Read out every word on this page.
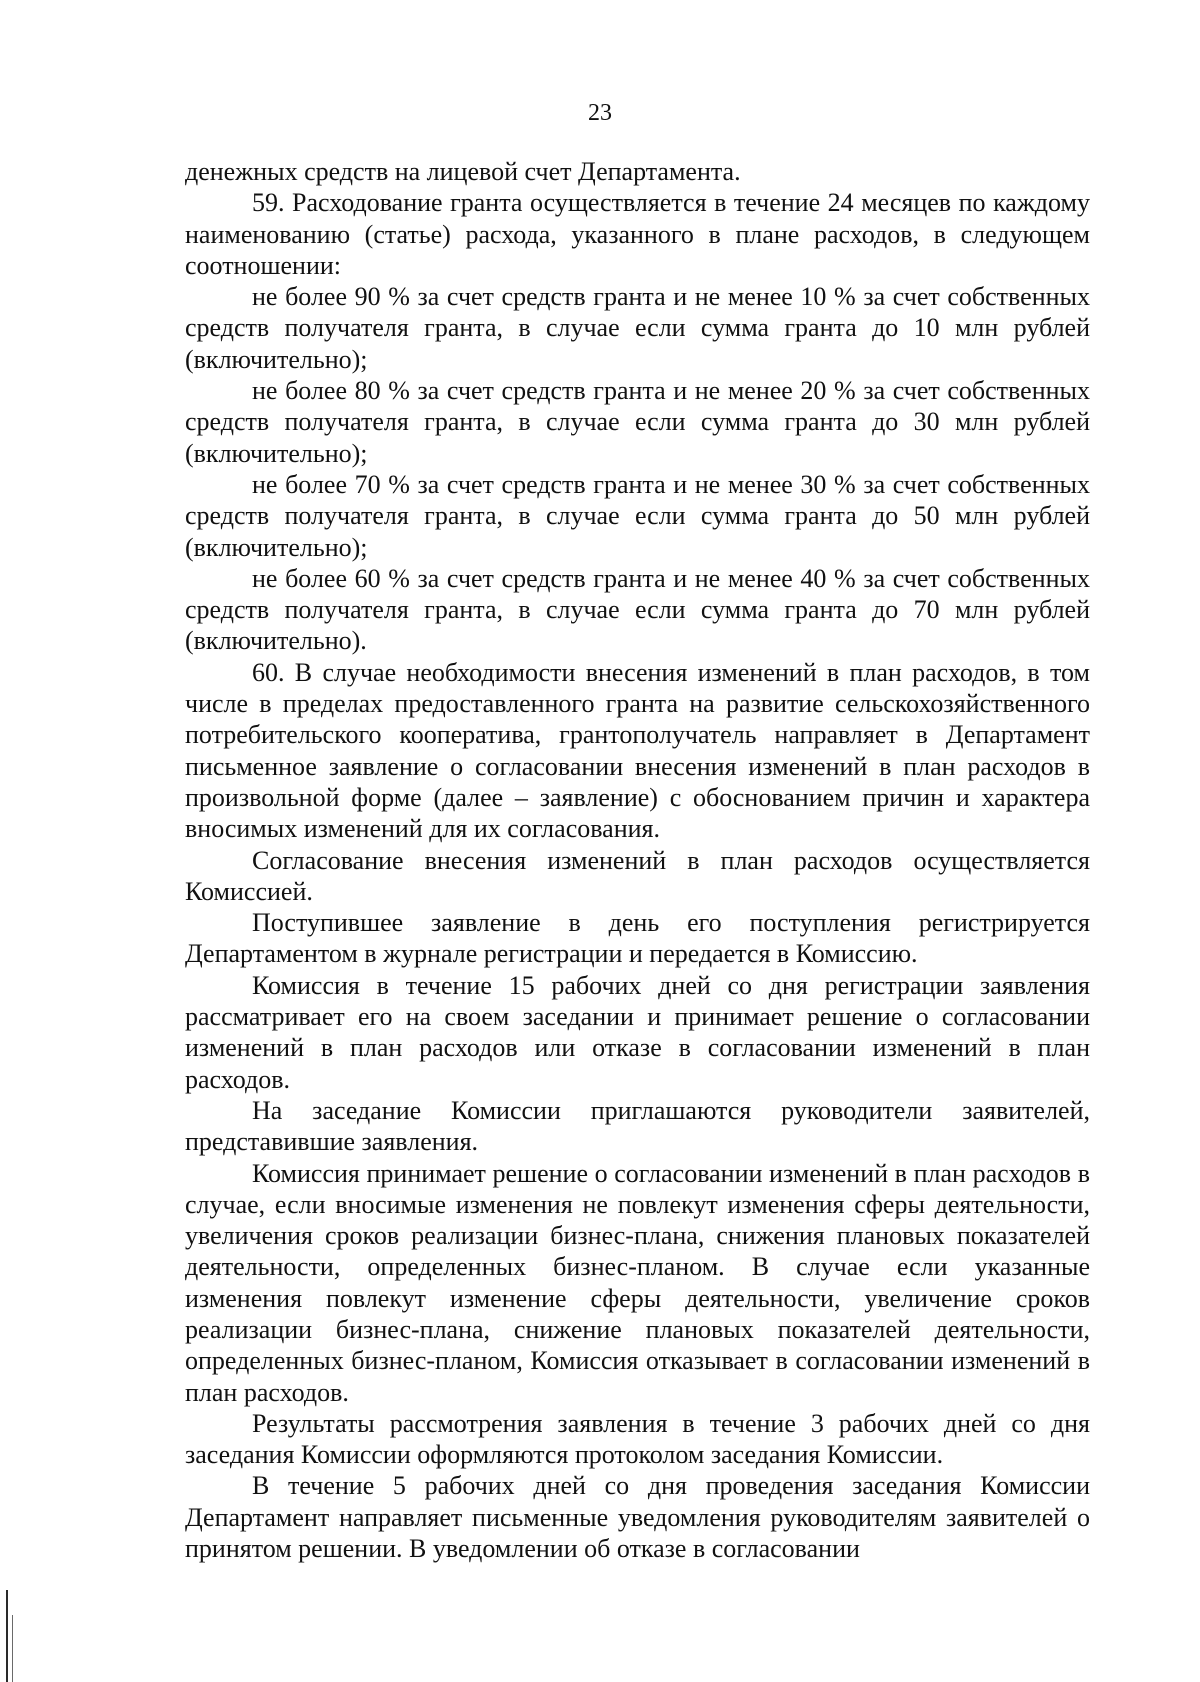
23

денежных средств на лицевой счет Департамента.

59. Расходование гранта осуществляется в течение 24 месяцев по каждому наименованию (статье) расхода, указанного в плане расходов, в следующем соотношении:

не более 90 % за счет средств гранта и не менее 10 % за счет собственных средств получателя гранта, в случае если сумма гранта до 10 млн рублей (включительно);

не более 80 % за счет средств гранта и не менее 20 % за счет собственных средств получателя гранта, в случае если сумма гранта до 30 млн рублей (включительно);

не более 70 % за счет средств гранта и не менее 30 % за счет собственных средств получателя гранта, в случае если сумма гранта до 50 млн рублей (включительно);

не более 60 % за счет средств гранта и не менее 40 % за счет собственных средств получателя гранта, в случае если сумма гранта до 70 млн рублей (включительно).

60. В случае необходимости внесения изменений в план расходов, в том числе в пределах предоставленного гранта на развитие сельскохозяйственного потребительского кооператива, грантополучатель направляет в Департамент письменное заявление о согласовании внесения изменений в план расходов в произвольной форме (далее – заявление) с обоснованием причин и характера вносимых изменений для их согласования.

Согласование внесения изменений в план расходов осуществляется Комиссией.

Поступившее заявление в день его поступления регистрируется Департаментом в журнале регистрации и передается в Комиссию.

Комиссия в течение 15 рабочих дней со дня регистрации заявления рассматривает его на своем заседании и принимает решение о согласовании изменений в план расходов или отказе в согласовании изменений в план расходов.

На заседание Комиссии приглашаются руководители заявителей, представившие заявления.

Комиссия принимает решение о согласовании изменений в план расходов в случае, если вносимые изменения не повлекут изменения сферы деятельности, увеличения сроков реализации бизнес-плана, снижения плановых показателей деятельности, определенных бизнес-планом. В случае если указанные изменения повлекут изменение сферы деятельности, увеличение сроков реализации бизнес-плана, снижение плановых показателей деятельности, определенных бизнес-планом, Комиссия отказывает в согласовании изменений в план расходов.

Результаты рассмотрения заявления в течение 3 рабочих дней со дня заседания Комиссии оформляются протоколом заседания Комиссии.

В течение 5 рабочих дней со дня проведения заседания Комиссии Департамент направляет письменные уведомления руководителям заявителей о принятом решении. В уведомлении об отказе в согласовании
